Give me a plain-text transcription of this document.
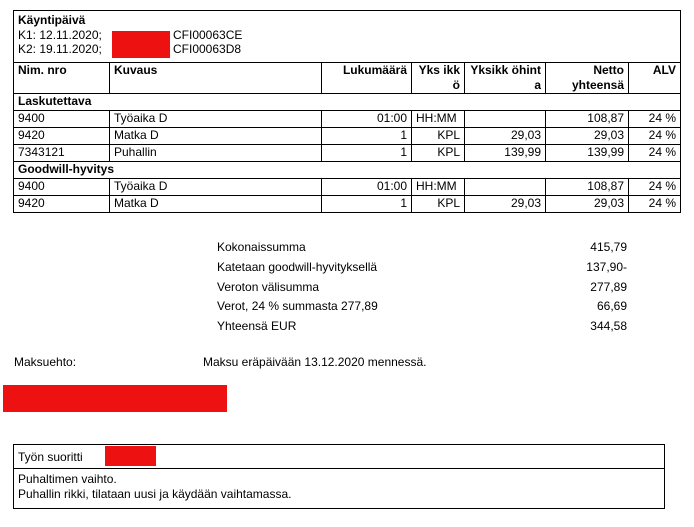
Käyntipäivä
K1: 12.11.2020; CFI00063CE
K2: 19.11.2020; CFI00063D8						

Nim. nro	Kuvaus	Lukumäärä	Yks ikkö	Yksikk öhinta	Netto yhteensä	ALV
Laskutettava						
9400	Työaika D	01:00	HH:MM		108,87	24 %
9420	Matka D	1	KPL	29,03	29,03	24 %
7343121	Puhallin	1	KPL	139,99	139,99	24 %
Goodwill-hyvitys						
9400	Työaika D	01:00	HH:MM		108,87	24 %
9420	Matka D	1	KPL	29,03	29,03	24 %
Kokonaissumma	415,79
Katetaan goodwill-hyvityksellä	137,90-
Veroton välisumma	277,89
Verot, 24 % summasta 277,89	66,69
Yhteensä EUR	344,58
Maksuehto:	Maksu eräpäivään 13.12.2020 mennessä.
Työn suoritti
Puhaltimen vaihto.
Puhallin rikki, tilataan uusi ja käydään vaihtamassa.
